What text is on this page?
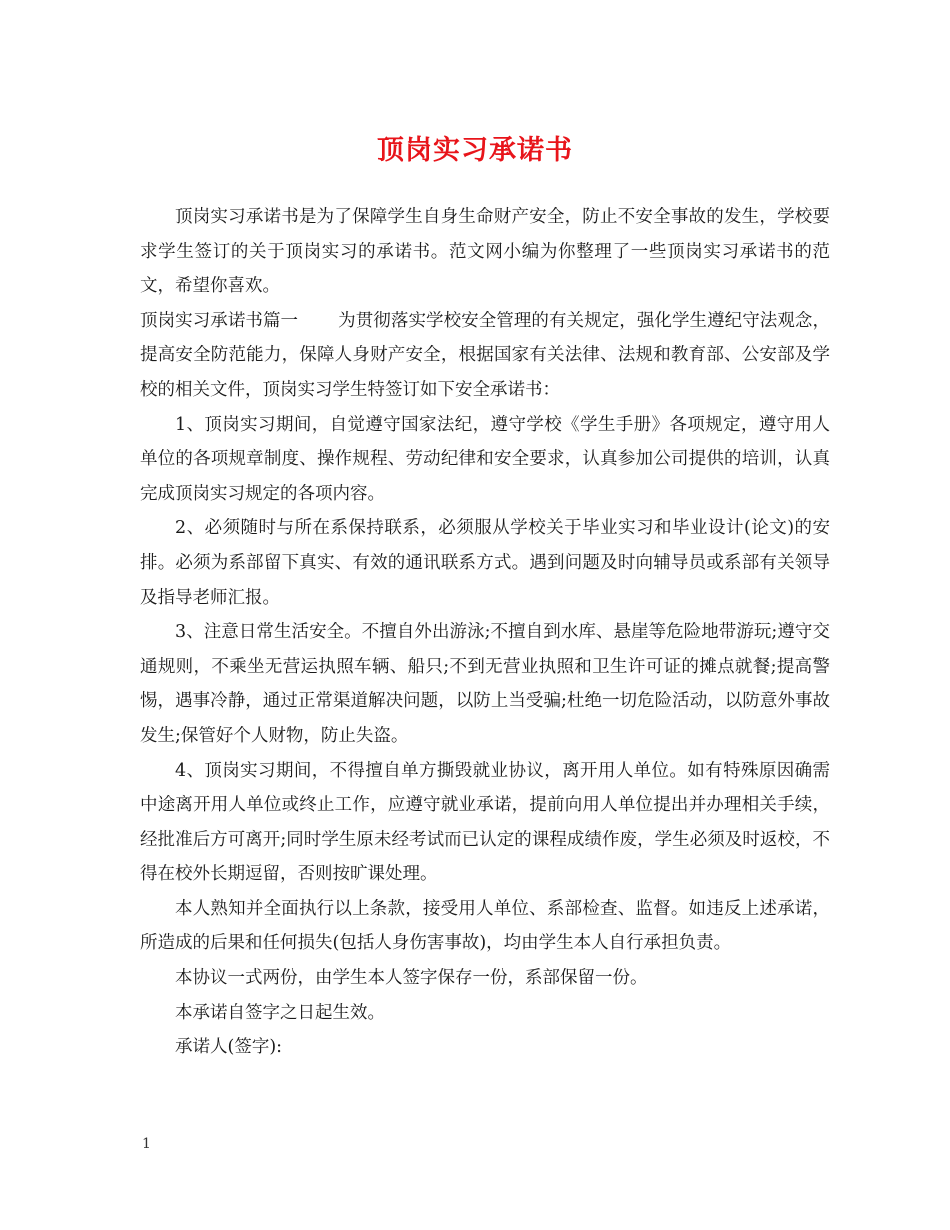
顶岗实习承诺书

顶岗实习承诺书是为了保障学生自身生命财产安全，防止不安全事故的发生，学校要求学生签订的关于顶岗实习的承诺书。范文网小编为你整理了一些顶岗实习承诺书的范文，希望你喜欢。

顶岗实习承诺书篇一 为贯彻落实学校安全管理的有关规定，强化学生遵纪守法观念，提高安全防范能力，保障人身财产安全，根据国家有关法律、法规和教育部、公安部及学校的相关文件，顶岗实习学生特签订如下安全承诺书：

1、顶岗实习期间，自觉遵守国家法纪，遵守学校《学生手册》各项规定，遵守用人单位的各项规章制度、操作规程、劳动纪律和安全要求，认真参加公司提供的培训，认真完成顶岗实习规定的各项内容。

2、必须随时与所在系保持联系，必须服从学校关于毕业实习和毕业设计(论文)的安排。必须为系部留下真实、有效的通讯联系方式。遇到问题及时向辅导员或系部有关领导及指导老师汇报。

3、注意日常生活安全。不擅自外出游泳;不擅自到水库、悬崖等危险地带游玩;遵守交通规则，不乘坐无营运执照车辆、船只;不到无营业执照和卫生许可证的摊点就餐;提高警惕，遇事冷静，通过正常渠道解决问题，以防上当受骗;杜绝一切危险活动，以防意外事故发生;保管好个人财物，防止失盗。

4、顶岗实习期间，不得擅自单方撕毁就业协议，离开用人单位。如有特殊原因确需中途离开用人单位或终止工作，应遵守就业承诺，提前向用人单位提出并办理相关手续，经批准后方可离开;同时学生原未经考试而已认定的课程成绩作废，学生必须及时返校，不得在校外长期逗留，否则按旷课处理。

本人熟知并全面执行以上条款，接受用人单位、系部检查、监督。如违反上述承诺，所造成的后果和任何损失(包括人身伤害事故)，均由学生本人自行承担负责。

本协议一式两份，由学生本人签字保存一份，系部保留一份。

本承诺自签字之日起生效。

承诺人(签字):

1
